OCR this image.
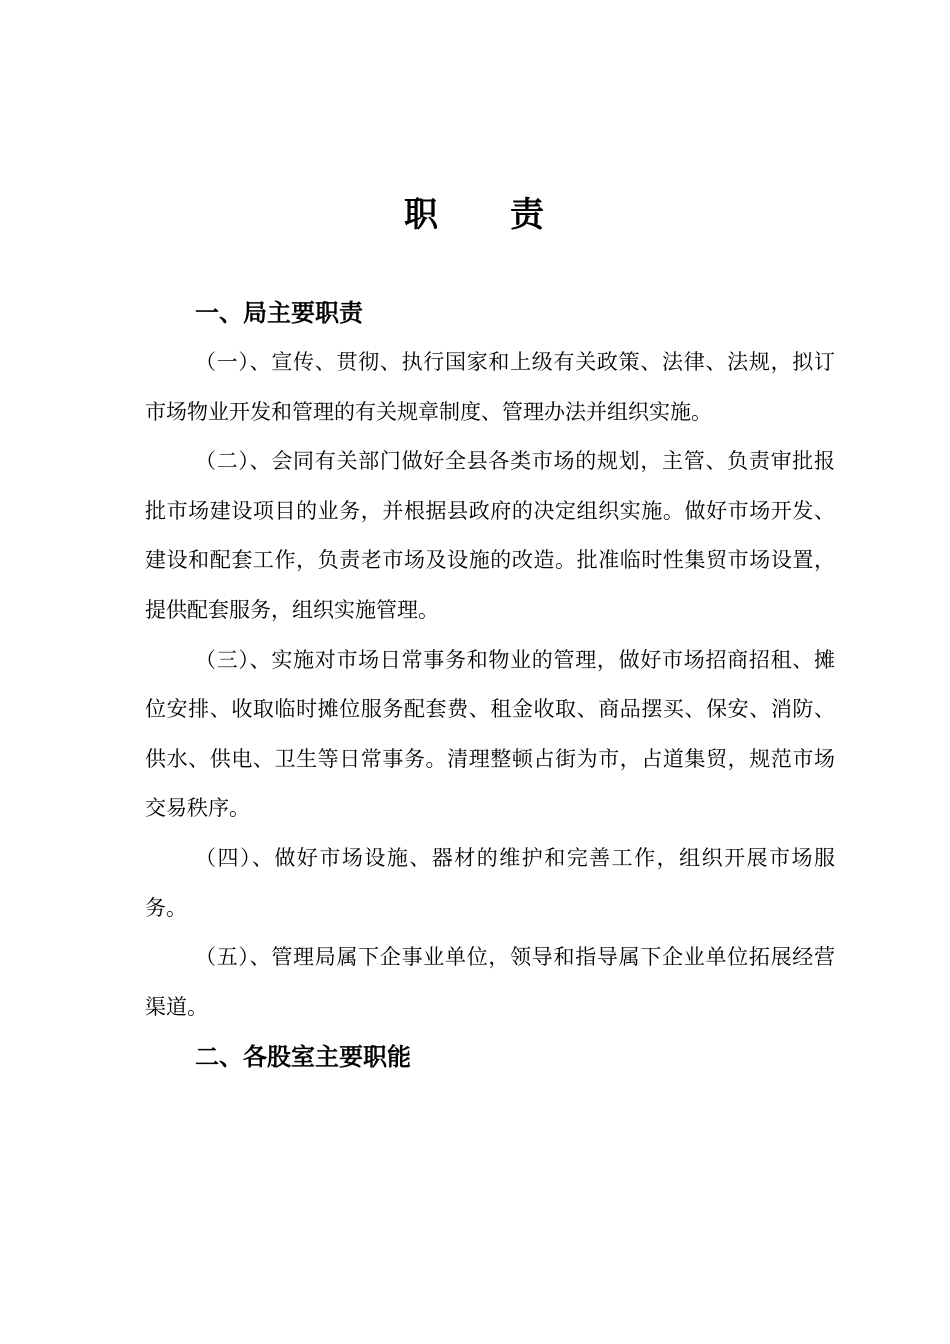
职 责

一、局主要职责

（一）、宣传、贯彻、执行国家和上级有关政策、法律、法规，拟订市场物业开发和管理的有关规章制度、管理办法并组织实施。

（二）、会同有关部门做好全县各类市场的规划，主管、负责审批报批市场建设项目的业务，并根据县政府的决定组织实施。做好市场开发、建设和配套工作，负责老市场及设施的改造。批准临时性集贸市场设置，提供配套服务，组织实施管理。

（三）、实施对市场日常事务和物业的管理，做好市场招商招租、摊位安排、收取临时摊位服务配套费、租金收取、商品摆买、保安、消防、供水、供电、卫生等日常事务。清理整顿占街为市，占道集贸，规范市场交易秩序。

（四）、做好市场设施、器材的维护和完善工作，组织开展市场服务。

（五）、管理局属下企事业单位，领导和指导属下企业单位拓展经营渠道。

二、各股室主要职能
